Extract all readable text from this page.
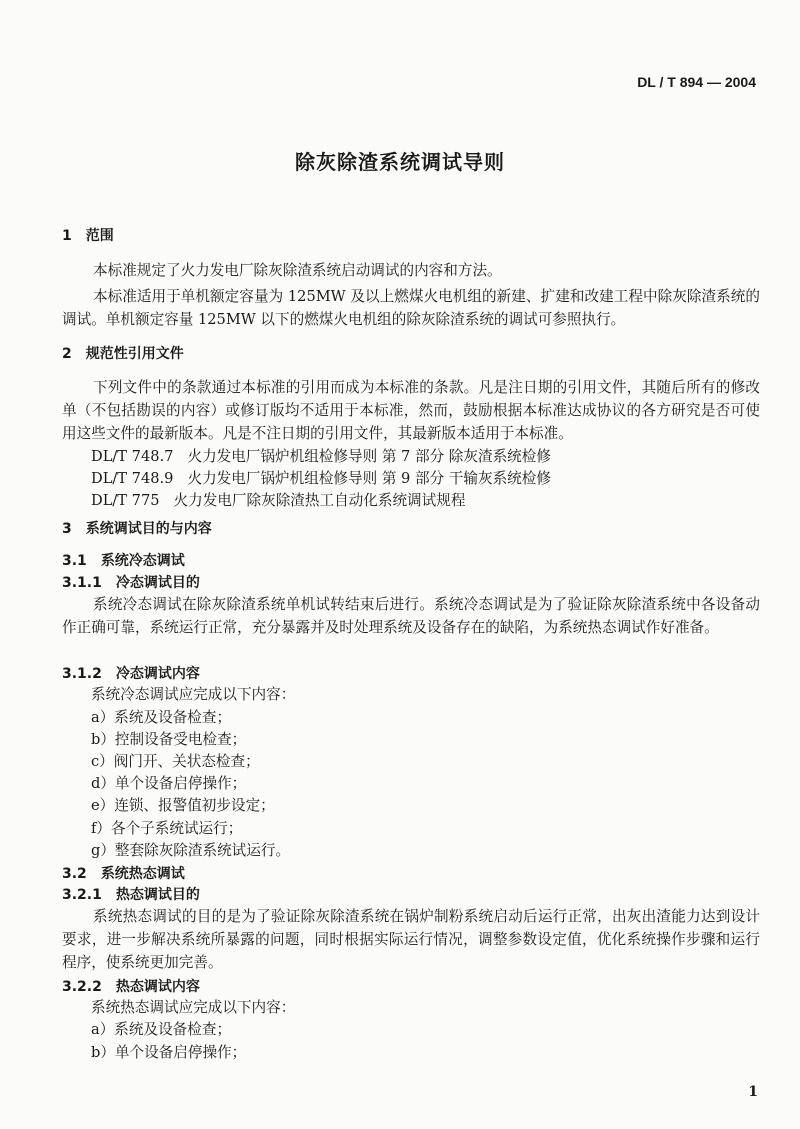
DL / T 894 — 2004
除灰除渣系统调试导则
1 范围
本标准规定了火力发电厂除灰除渣系统启动调试的内容和方法。
本标准适用于单机额定容量为 125MW 及以上燃煤火电机组的新建、扩建和改建工程中除灰除渣系统的调试。单机额定容量 125MW 以下的燃煤火电机组的除灰除渣系统的调试可参照执行。
2 规范性引用文件
下列文件中的条款通过本标准的引用而成为本标准的条款。凡是注日期的引用文件，其随后所有的修改单（不包括勘误的内容）或修订版均不适用于本标准，然而，鼓励根据本标准达成协议的各方研究是否可使用这些文件的最新版本。凡是不注日期的引用文件，其最新版本适用于本标准。
DL/T 748.7 火力发电厂锅炉机组检修导则 第 7 部分 除灰渣系统检修
DL/T 748.9 火力发电厂锅炉机组检修导则 第 9 部分 干输灰系统检修
DL/T 775 火力发电厂除灰除渣热工自动化系统调试规程
3 系统调试目的与内容
3.1 系统冷态调试
3.1.1 冷态调试目的
系统冷态调试在除灰除渣系统单机试转结束后进行。系统冷态调试是为了验证除灰除渣系统中各设备动作正确可靠，系统运行正常，充分暴露并及时处理系统及设备存在的缺陷，为系统热态调试作好准备。
3.1.2 冷态调试内容
系统冷态调试应完成以下内容：
a）系统及设备检查；
b）控制设备受电检查；
c）阀门开、关状态检查；
d）单个设备启停操作；
e）连锁、报警值初步设定；
f）各个子系统试运行；
g）整套除灰除渣系统试运行。
3.2 系统热态调试
3.2.1 热态调试目的
系统热态调试的目的是为了验证除灰除渣系统在锅炉制粉系统启动后运行正常，出灰出渣能力达到设计要求，进一步解决系统所暴露的问题，同时根据实际运行情况，调整参数设定值，优化系统操作步骤和运行程序，使系统更加完善。
3.2.2 热态调试内容
系统热态调试应完成以下内容：
a）系统及设备检查；
b）单个设备启停操作；
1
